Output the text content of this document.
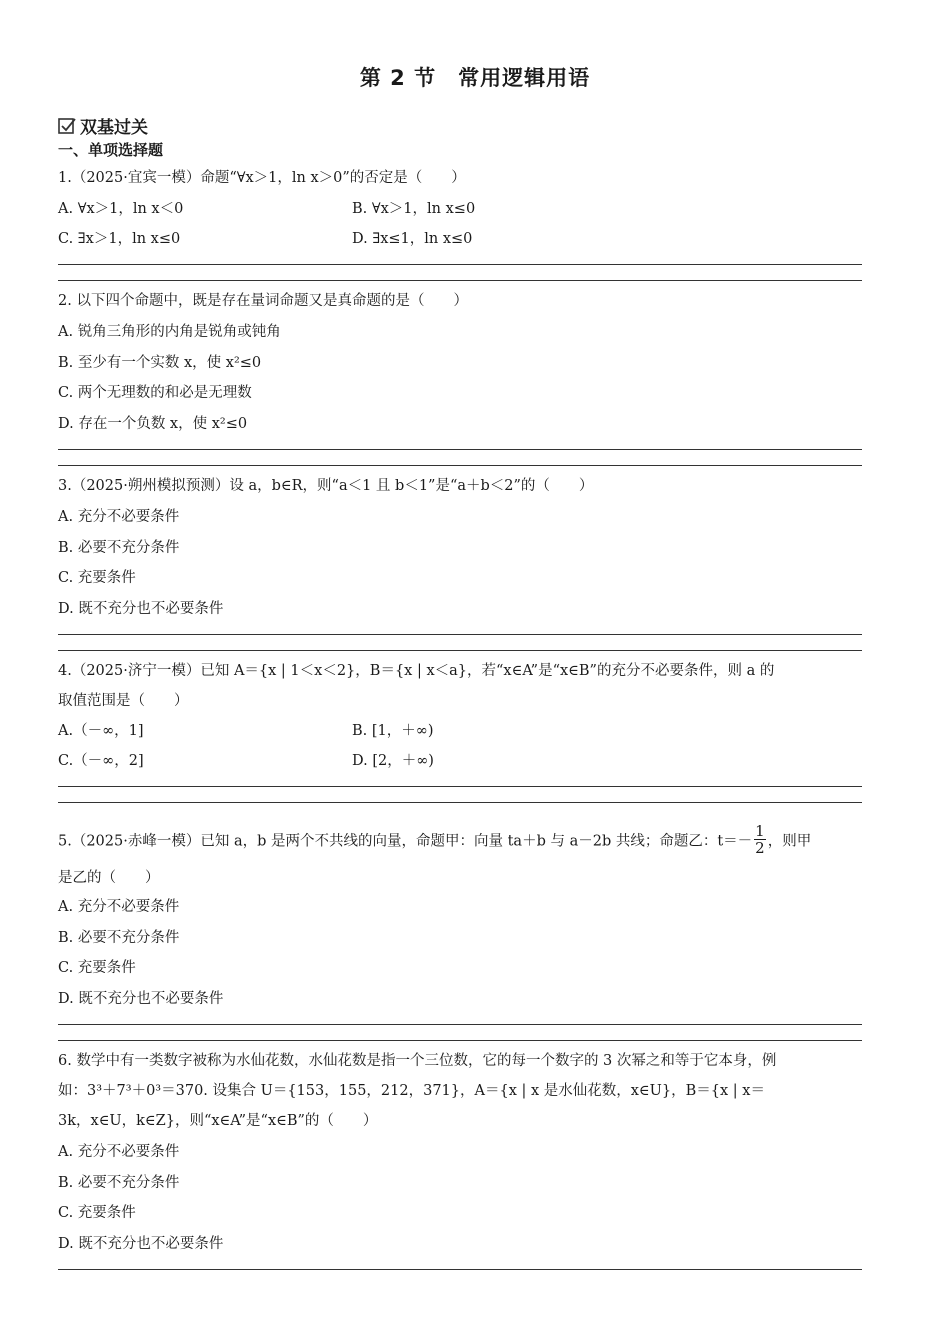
第 2 节　常用逻辑用语
双基过关
一、单项选择题
1.（2025·宜宾一模）命题“∀x＞1，ln x＞0”的否定是（　　）
A. ∀x＞1，ln x＜0	B. ∀x＞1，ln x≤0
C. ∃x＞1，ln x≤0	D. ∃x≤1，ln x≤0
2. 以下四个命题中，既是存在量词命题又是真命题的是（　　）
A. 锐角三角形的内角是锐角或钝角
B. 至少有一个实数 x，使 x²≤0
C. 两个无理数的和必是无理数
D. 存在一个负数 x，使 x²≤0
3.（2025·朔州模拟预测）设 a，b∈R，则“a＜1 且 b＜1”是“a＋b＜2”的（　　）
A. 充分不必要条件
B. 必要不充分条件
C. 充要条件
D. 既不充分也不必要条件
4.（2025·济宁一模）已知 A＝{x | 1＜x＜2}，B＝{x | x＜a}，若“x∈A”是“x∈B”的充分不必要条件，则 a 的
取值范围是（　　）
A.（－∞，1]	B. [1，＋∞)
C.（－∞，2]	D. [2，＋∞)
5.（2025·赤峰一模）已知 a，b 是两个不共线的向量，命题甲：向量 ta＋b 与 a－2b 共线；命题乙：$t=- \frac{1}{2}$ ，则甲
是乙的（　　）
A. 充分不必要条件
B. 必要不充分条件
C. 充要条件
D. 既不充分也不必要条件
6. 数学中有一类数字被称为水仙花数，水仙花数是指一个三位数，它的每一个数字的 3 次幂之和等于它本身，例
如：3³＋7³＋0³＝370. 设集合 U＝{153，155，212，371}，A＝{x | x 是水仙花数，x∈U}，B＝{x | x＝
3k，x∈U，k∈Z}，则“x∈A”是“x∈B”的（　　）
A. 充分不必要条件
B. 必要不充分条件
C. 充要条件
D. 既不充分也不必要条件
